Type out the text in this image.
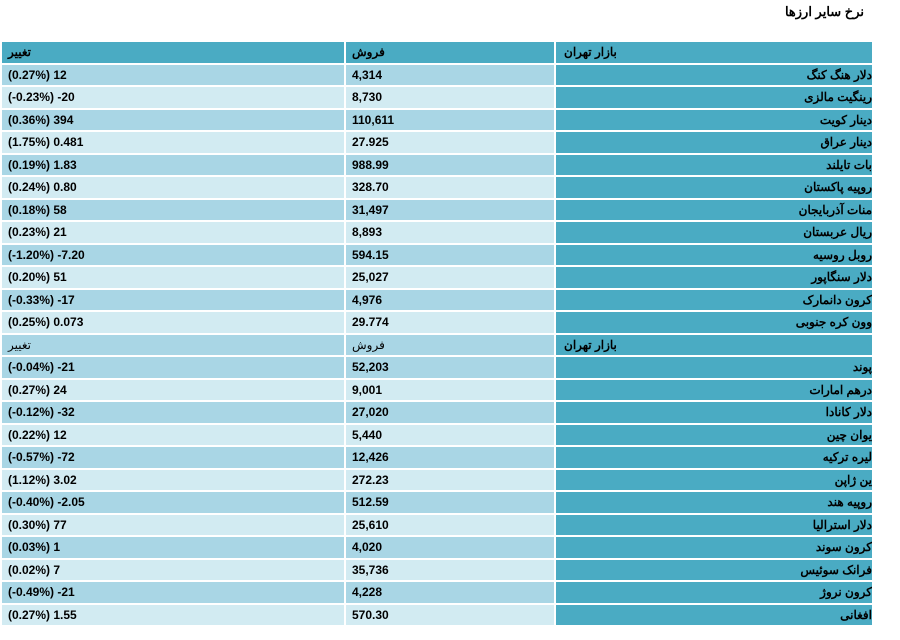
نرخ سایر ارزها
تغییر	فروش	بازار تهران
(0.27%) 12	4,314	دلار هنگ کنگ

(-0.23%) -20	8,730	رینگیت مالزی

(0.36%) 394	110,611	دینار کویت

(1.75%) 0.481	27.925	دینار عراق

(0.19%) 1.83	988.99	بات تایلند

(0.24%) 0.80	328.70	روپیه پاکستان

(0.18%) 58	31,497	منات آذربایجان

(0.23%) 21	8,893	ریال عربستان

(-1.20%) -7.20	594.15	روبل روسیه

(0.20%) 51	25,027	دلار سنگاپور

(-0.33%) -17	4,976	کرون دانمارک

(0.25%) 0.073	29.774	وون کره جنوبی

تغییر	فروش	بازار تهران
(-0.04%) -21	52,203	پوند

(0.27%) 24	9,001	درهم امارات

(-0.12%) -32	27,020	دلار کانادا

(0.22%) 12	5,440	یوان چین

(-0.57%) -72	12,426	لیره ترکیه

(1.12%) 3.02	272.23	ین ژاپن

(-0.40%) -2.05	512.59	روپیه هند

(0.30%) 77	25,610	دلار استرالیا

(0.03%) 1	4,020	کرون سوند

(0.02%) 7	35,736	فرانک سوئیس

(-0.49%) -21	4,228	کرون نروژ

(0.27%) 1.55	570.30	افغانی
